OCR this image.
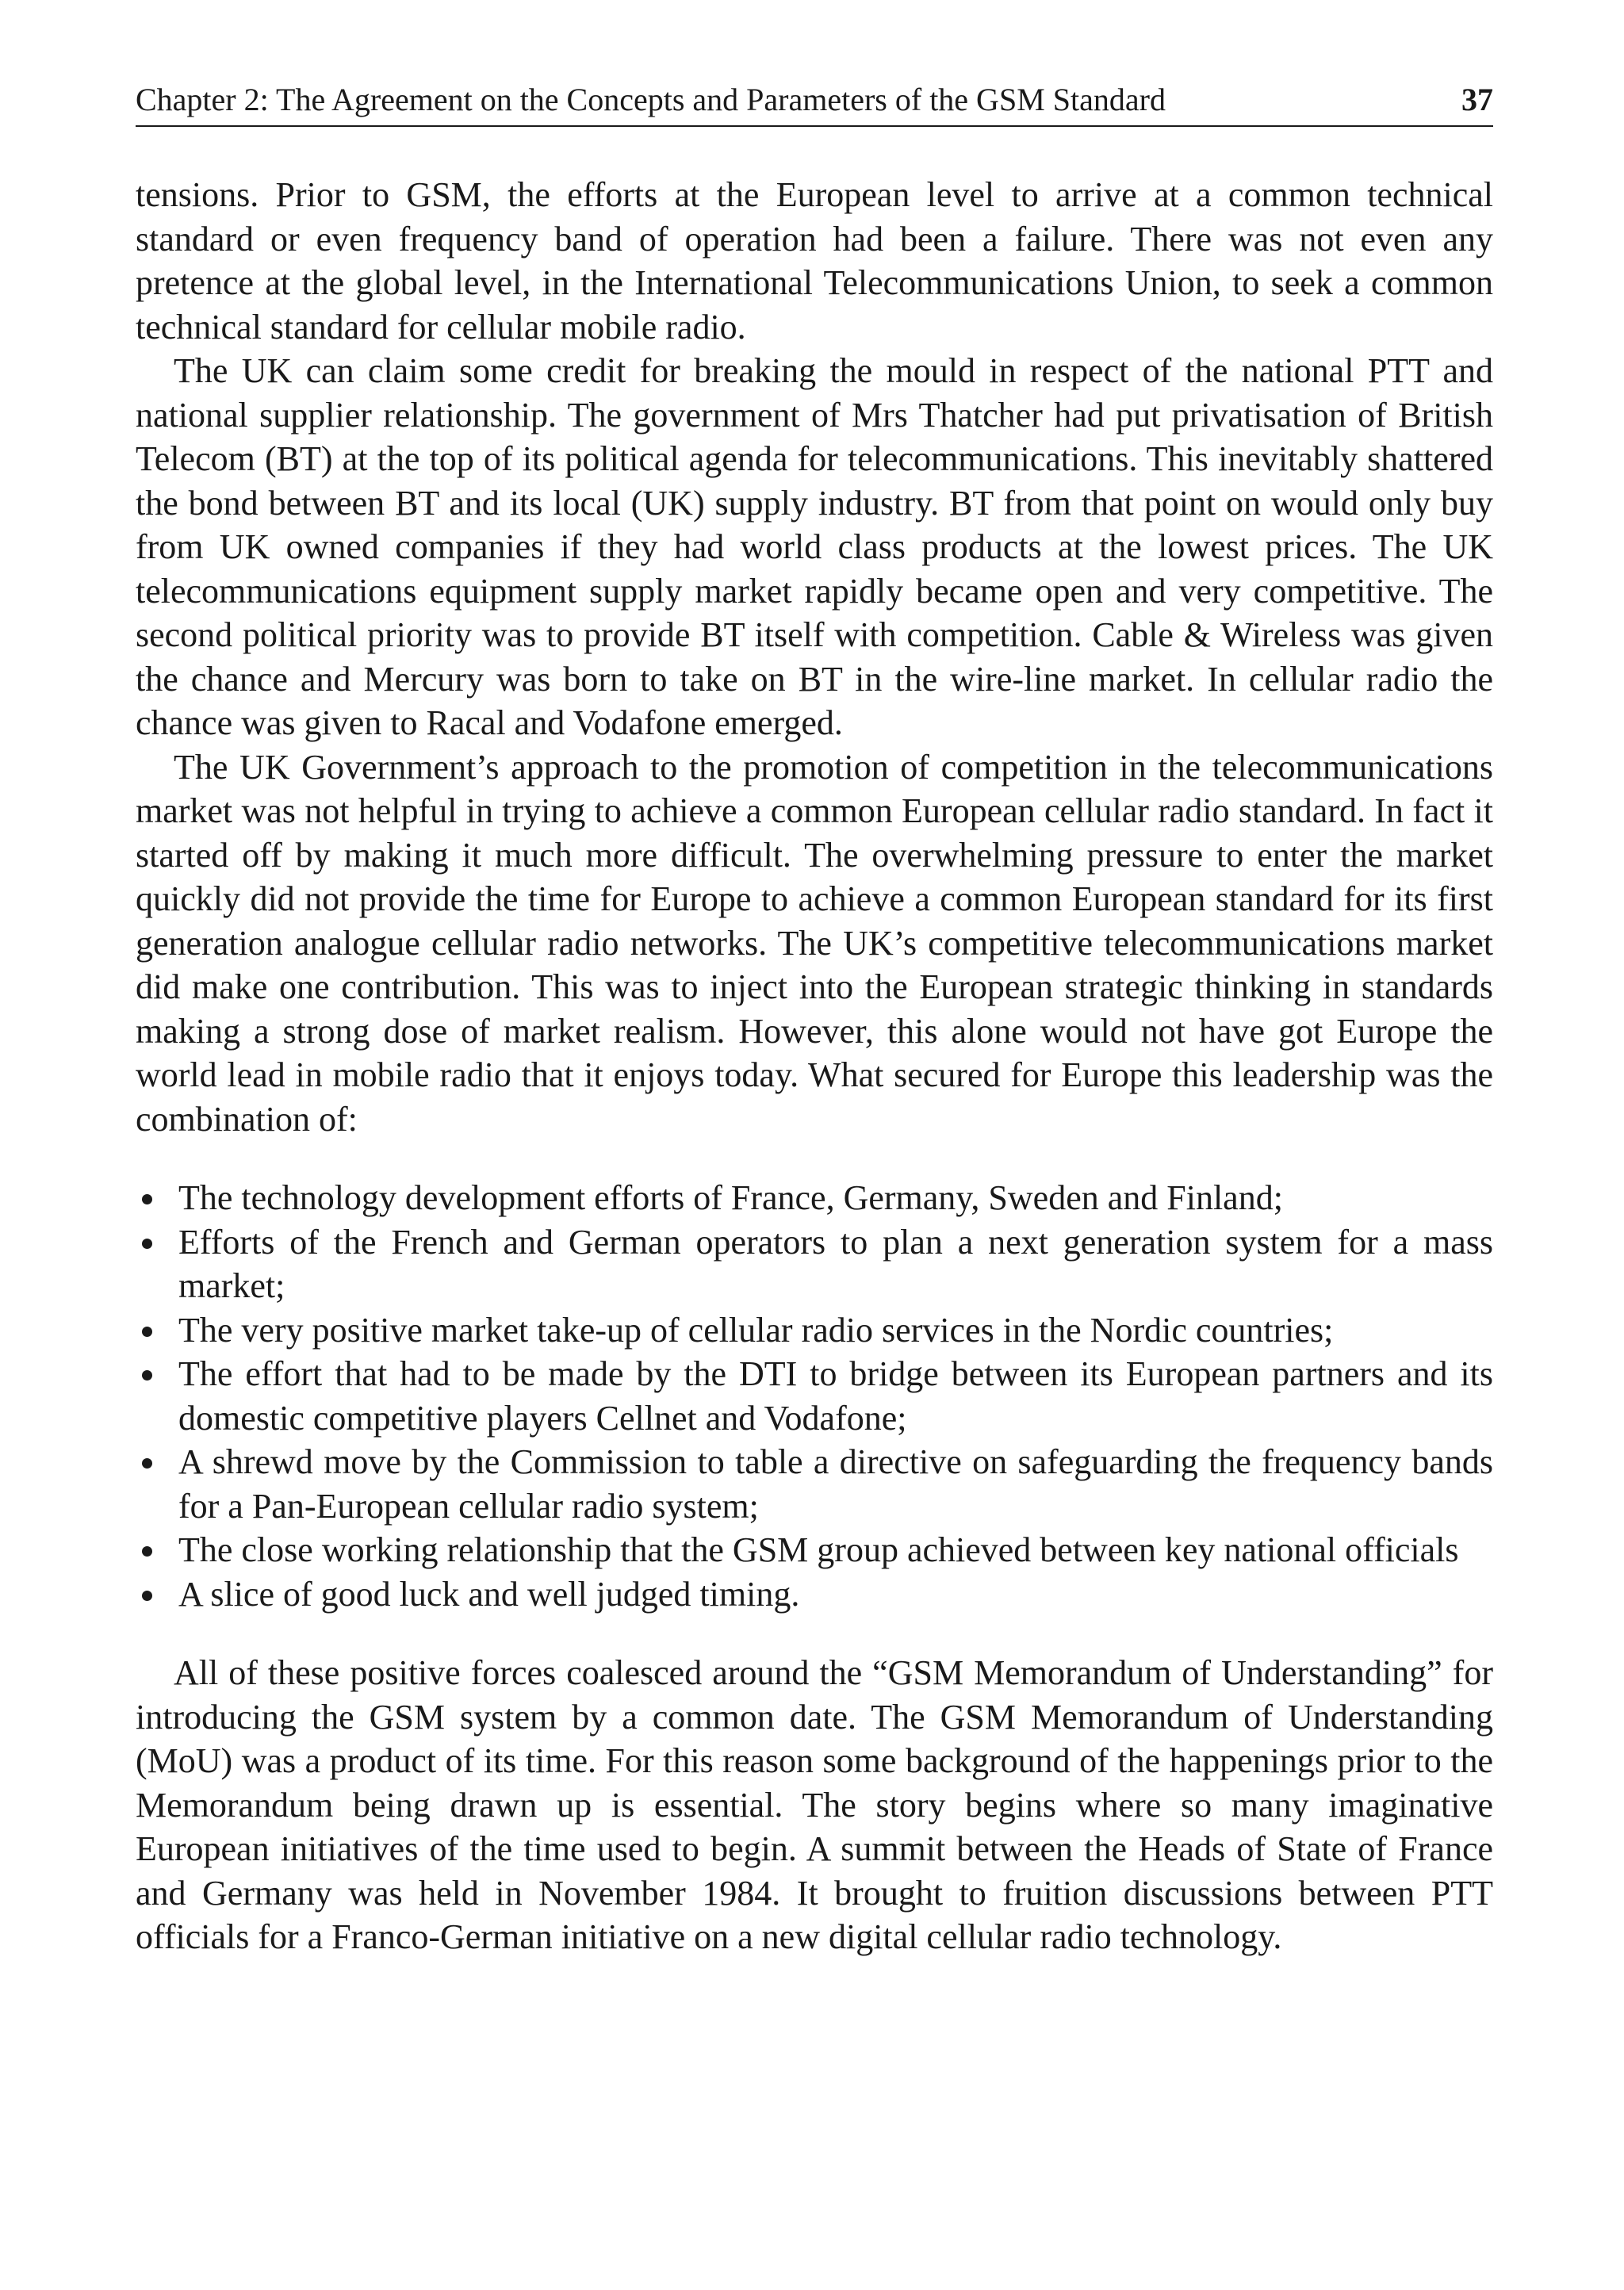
Chapter 2: The Agreement on the Concepts and Parameters of the GSM Standard	37

tensions. Prior to GSM, the efforts at the European level to arrive at a common technical standard or even frequency band of operation had been a failure. There was not even any pretence at the global level, in the International Telecommunications Union, to seek a common technical standard for cellular mobile radio.

The UK can claim some credit for breaking the mould in respect of the national PTT and national supplier relationship. The government of Mrs Thatcher had put privatisation of British Telecom (BT) at the top of its political agenda for telecommunications. This inevitably shattered the bond between BT and its local (UK) supply industry. BT from that point on would only buy from UK owned companies if they had world class products at the lowest prices. The UK telecommunications equipment supply market rapidly became open and very competitive. The second political priority was to provide BT itself with competition. Cable & Wireless was given the chance and Mercury was born to take on BT in the wire-line market. In cellular radio the chance was given to Racal and Vodafone emerged.

The UK Government’s approach to the promotion of competition in the telecommunications market was not helpful in trying to achieve a common European cellular radio standard. In fact it started off by making it much more difficult. The overwhelming pressure to enter the market quickly did not provide the time for Europe to achieve a common European standard for its first generation analogue cellular radio networks. The UK’s competitive telecommunications market did make one contribution. This was to inject into the European strategic thinking in standards making a strong dose of market realism. However, this alone would not have got Europe the world lead in mobile radio that it enjoys today. What secured for Europe this leadership was the combination of:

The technology development efforts of France, Germany, Sweden and Finland;
Efforts of the French and German operators to plan a next generation system for a mass market;
The very positive market take-up of cellular radio services in the Nordic countries;
The effort that had to be made by the DTI to bridge between its European partners and its domestic competitive players Cellnet and Vodafone;
A shrewd move by the Commission to table a directive on safeguarding the frequency bands for a Pan-European cellular radio system;
The close working relationship that the GSM group achieved between key national officials
A slice of good luck and well judged timing.

All of these positive forces coalesced around the “GSM Memorandum of Understanding” for introducing the GSM system by a common date. The GSM Memorandum of Understanding (MoU) was a product of its time. For this reason some background of the happenings prior to the Memorandum being drawn up is essential. The story begins where so many imaginative European initiatives of the time used to begin. A summit between the Heads of State of France and Germany was held in November 1984. It brought to fruition discussions between PTT officials for a Franco-German initiative on a new digital cellular radio technology.
